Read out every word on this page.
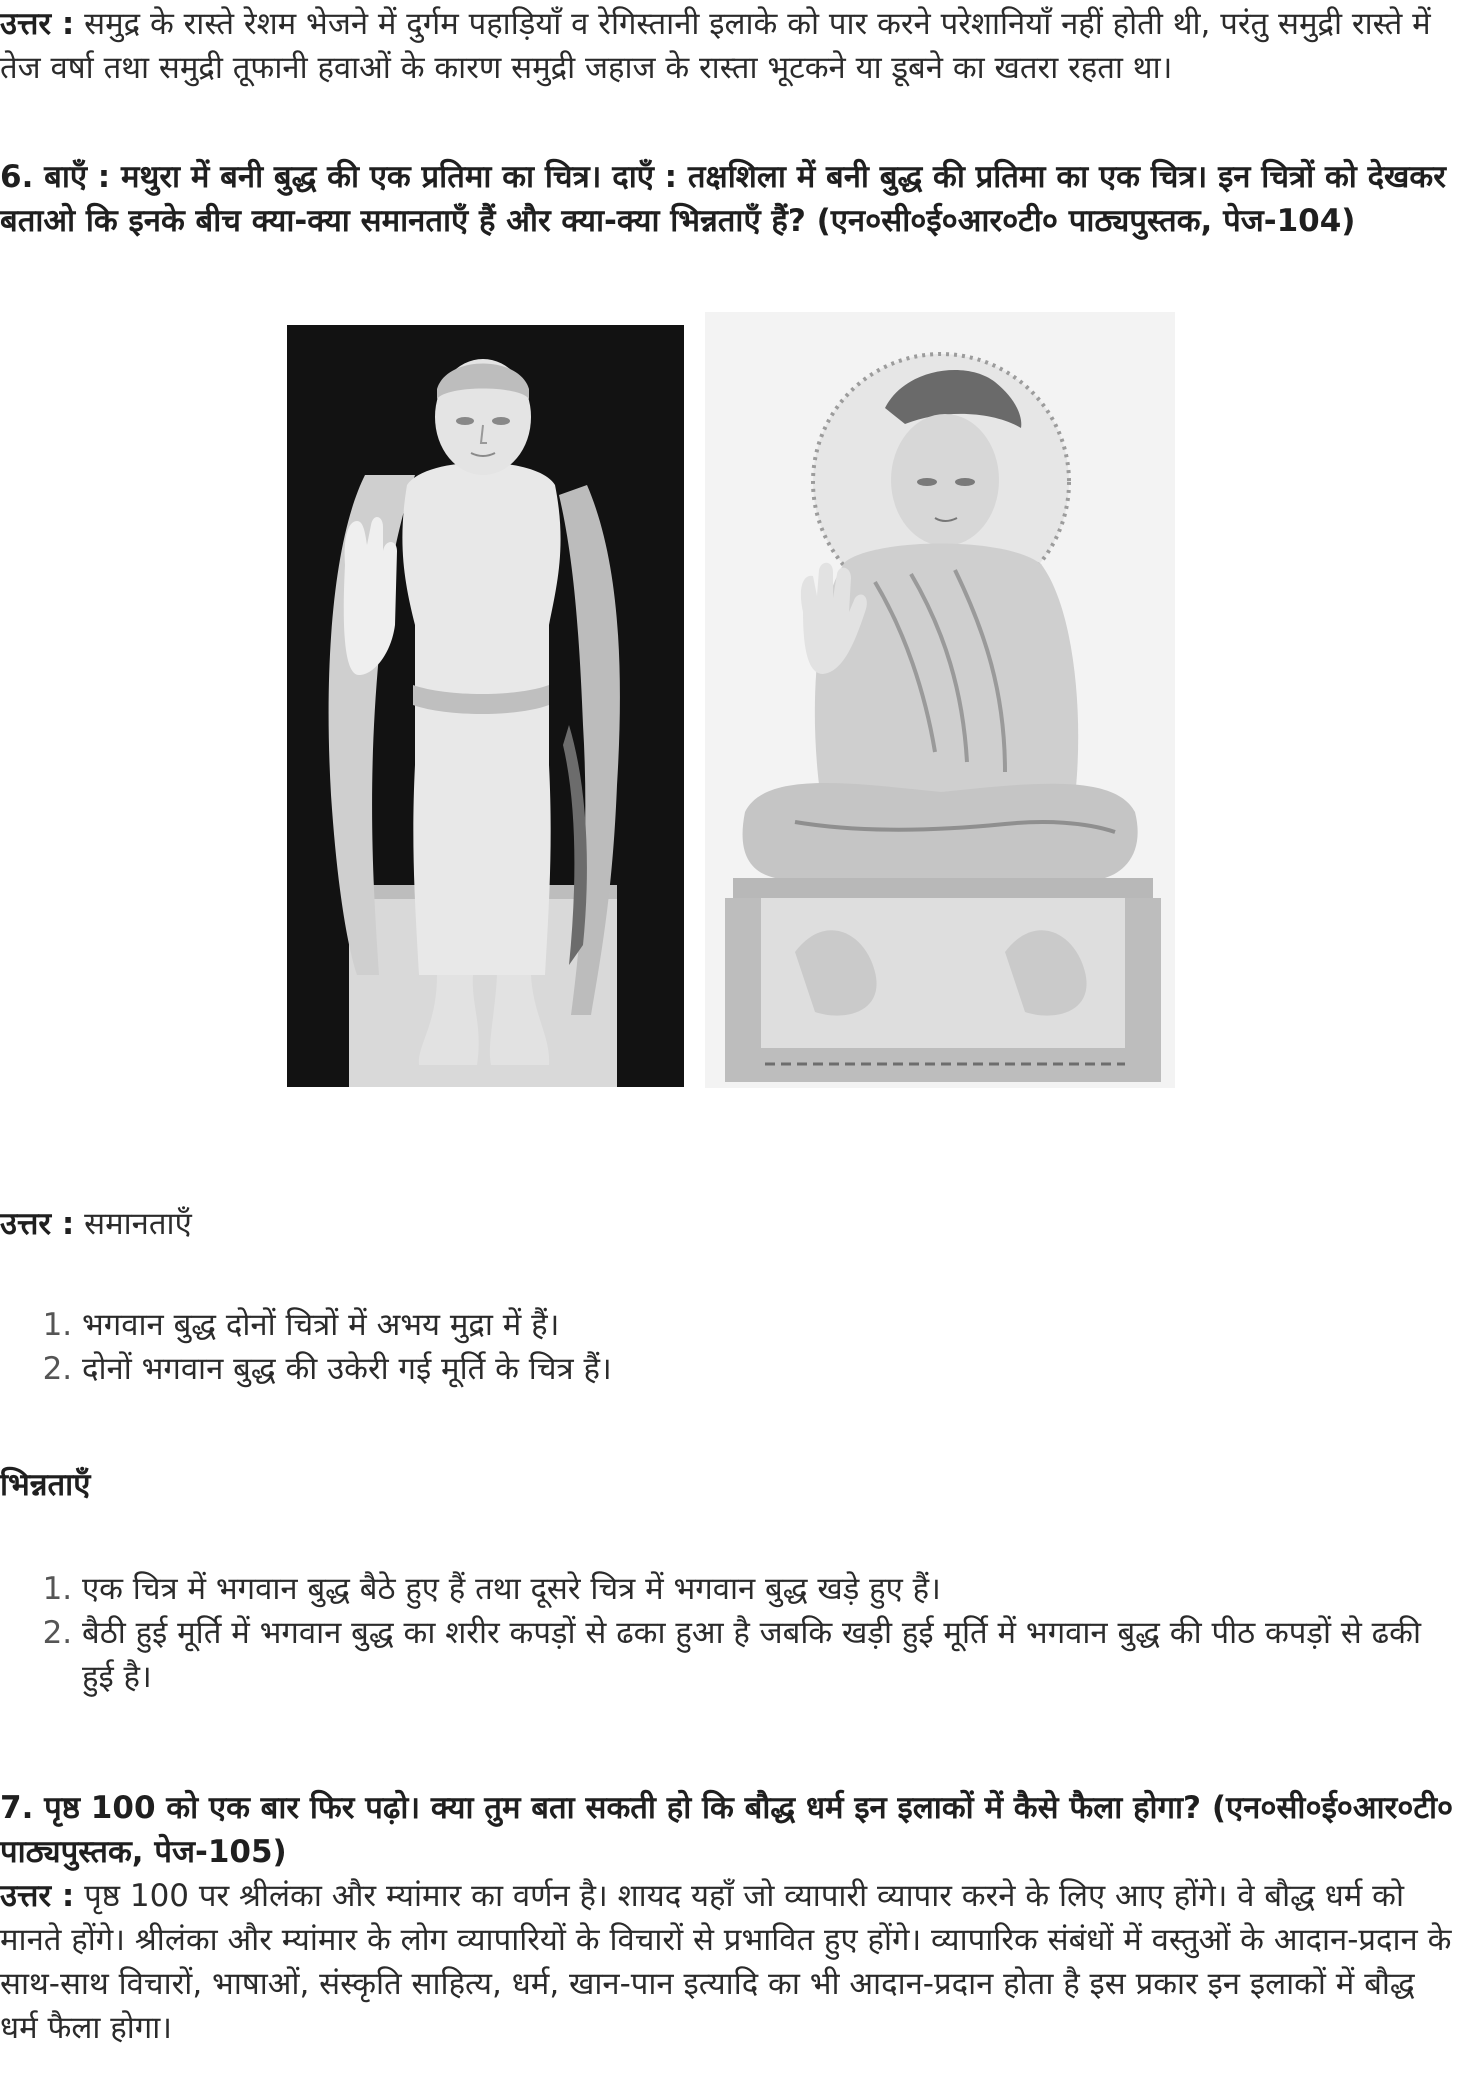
उत्तर : समुद्र के रास्ते रेशम भेजने में दुर्गम पहाड़ियाँ व रेगिस्तानी इलाके को पार करने परेशानियाँ नहीं होती थी, परंतु समुद्री रास्ते में तेज वर्षा तथा समुद्री तूफानी हवाओं के कारण समुद्री जहाज के रास्ता भूटकने या डूबने का खतरा रहता था।

6. बाएँ : मथुरा में बनी बुद्ध की एक प्रतिमा का चित्र। दाएँ : तक्षशिला में बनी बुद्ध की प्रतिमा का एक चित्र। इन चित्रों को देखकर बताओ कि इनके बीच क्या-क्या समानताएँ हैं और क्या-क्या भिन्नताएँ हैं? (एन०सी०ई०आर०टी० पाठ्यपुस्तक, पेज-104)

उत्तर : समानताएँ

1. भगवान बुद्ध दोनों चित्रों में अभय मुद्रा में हैं।
2. दोनों भगवान बुद्ध की उकेरी गई मूर्ति के चित्र हैं।

भिन्नताएँ

1. एक चित्र में भगवान बुद्ध बैठे हुए हैं तथा दूसरे चित्र में भगवान बुद्ध खड़े हुए हैं।
2. बैठी हुई मूर्ति में भगवान बुद्ध का शरीर कपड़ों से ढका हुआ है जबकि खड़ी हुई मूर्ति में भगवान बुद्ध की पीठ कपड़ों से ढकी हुई है।

7. पृष्ठ 100 को एक बार फिर पढ़ो। क्या तुम बता सकती हो कि बौद्ध धर्म इन इलाकों में कैसे फैला होगा? (एन०सी०ई०आर०टी० पाठ्यपुस्तक, पेज-105)

उत्तर : पृष्ठ 100 पर श्रीलंका और म्यांमार का वर्णन है। शायद यहाँ जो व्यापारी व्यापार करने के लिए आए होंगे। वे बौद्ध धर्म को मानते होंगे। श्रीलंका और म्यांमार के लोग व्यापारियों के विचारों से प्रभावित हुए होंगे। व्यापारिक संबंधों में वस्तुओं के आदान-प्रदान के साथ-साथ विचारों, भाषाओं, संस्कृति साहित्य, धर्म, खान-पान इत्यादि का भी आदान-प्रदान होता है इस प्रकार इन इलाकों में बौद्ध धर्म फैला होगा।
